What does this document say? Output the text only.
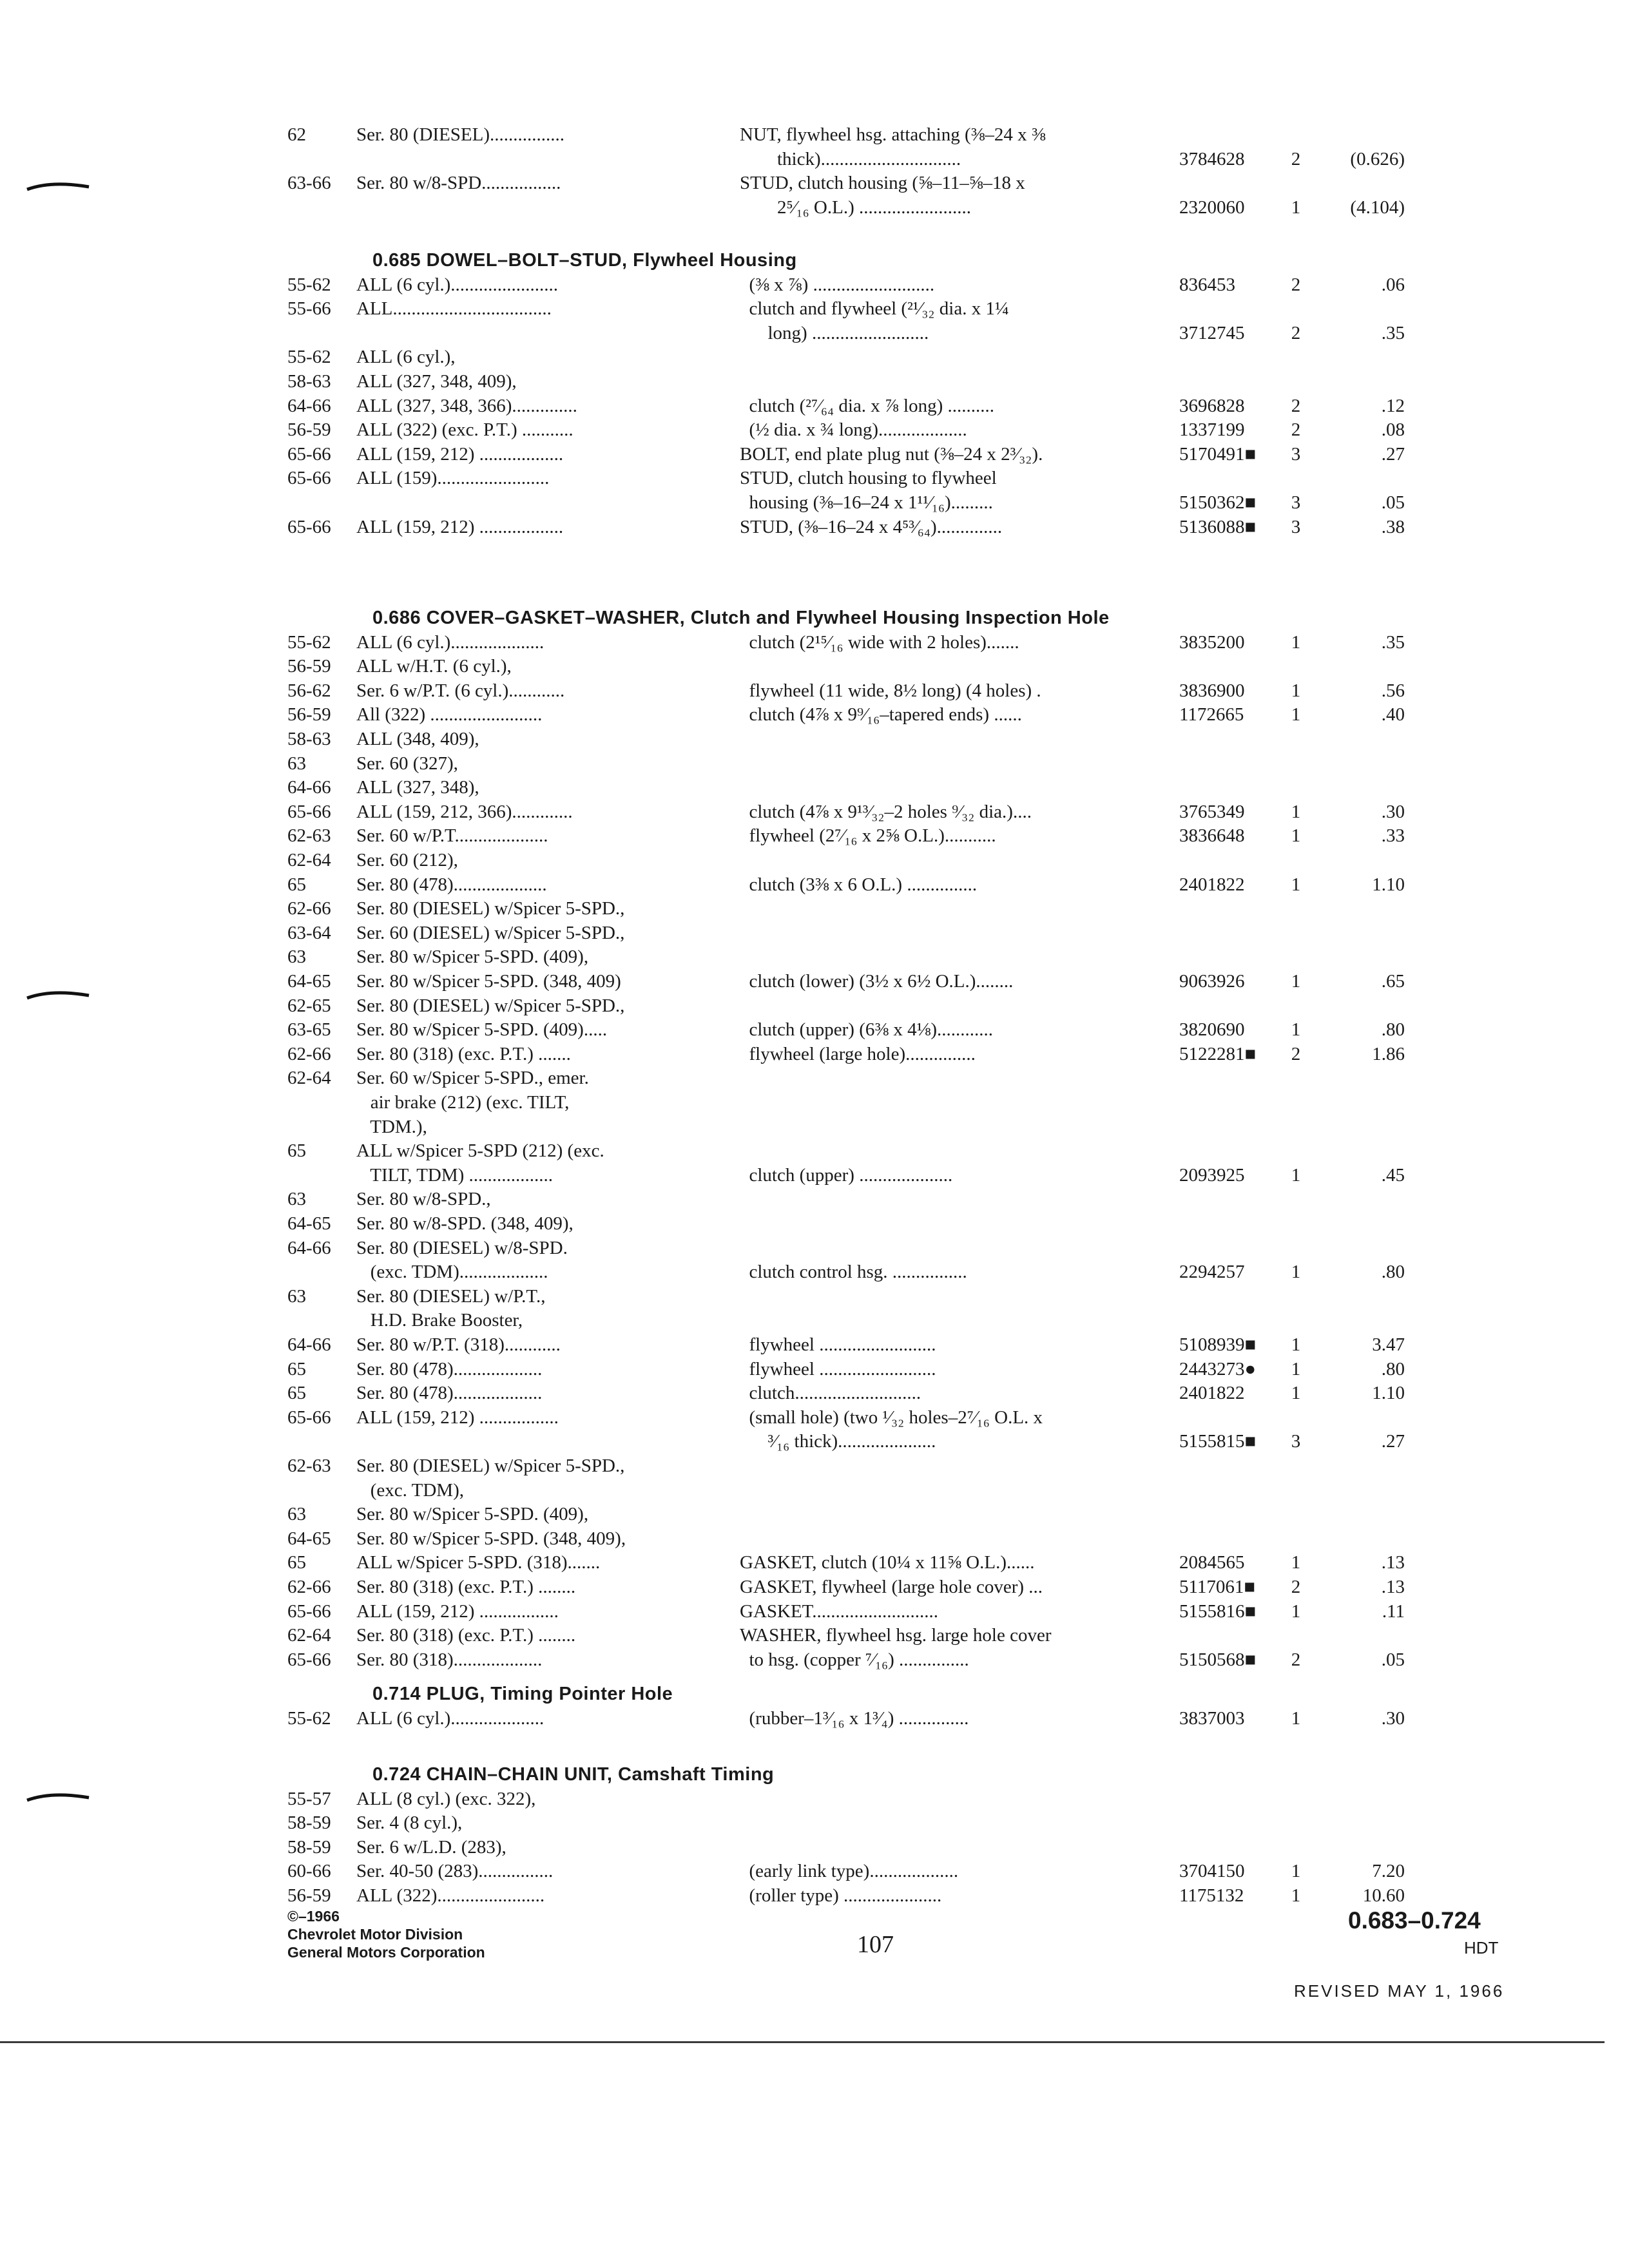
62	Ser. 80 (DIESEL)................	NUT, flywheel hsg. attaching (⅜–24 x ⅜
thick)..............................	3784628	2	(0.626)
63-66 Ser. 80 w/8-SPD.................	STUD, clutch housing (⅝–11–⅝–18 x
2⁵⁄₁₆ O.L.) ........................	2320060	1	(4.104)
0.685 DOWEL–BOLT–STUD, Flywheel Housing
55-62 ALL (6 cyl.).......................	(⅜ x ⅞) ..........................	836453	2	.06
55-66 ALL..................................	clutch and flywheel (²¹⁄₃₂ dia. x 1¼
long) .........................	3712745	2	.35
55-62 ALL (6 cyl.),
58-63 ALL (327, 348, 409),
64-66 ALL (327, 348, 366)..............	clutch (²⁷⁄₆₄ dia. x ⅞ long) ..........	3696828	2	.12
56-59 ALL (322) (exc. P.T.) ...........	(½ dia. x ¾ long)...................	1337199	2	.08
65-66 ALL (159, 212) ..................	BOLT, end plate plug nut (⅜–24 x 2³⁄₃₂).	5170491■	3	.27
65-66 ALL (159)........................	STUD, clutch housing to flywheel
housing (⅜–16–24 x 1¹¹⁄₁₆).........	5150362■	3	.05
65-66 ALL (159, 212) ..................	STUD, (⅜–16–24 x 4⁵³⁄₆₄)..............	5136088■	3	.38
0.686 COVER–GASKET–WASHER, Clutch and Flywheel Housing Inspection Hole
55-62 ALL (6 cyl.)....................	clutch (2¹⁵⁄₁₆ wide with 2 holes).......	3835200	1	.35
56-59 ALL w/H.T. (6 cyl.),
56-62 Ser. 6 w/P.T. (6 cyl.)............	flywheel (11 wide, 8½ long) (4 holes) .	3836900	1	.56
56-59 All (322) ........................	clutch (4⅞ x 9⁹⁄₁₆–tapered ends) ......	1172665	1	.40
58-63 ALL (348, 409),
63	Ser. 60 (327),
64-66 ALL (327, 348),
65-66 ALL (159, 212, 366).............	clutch (4⅞ x 9¹³⁄₃₂–2 holes ⁹⁄₃₂ dia.)....	3765349	1	.30
62-63 Ser. 60 w/P.T....................	flywheel (2⁷⁄₁₆ x 2⅝ O.L.)...........	3836648	1	.33
62-64 Ser. 60 (212),
65	Ser. 80 (478)....................	clutch (3⅜ x 6 O.L.) ...............	2401822	1	1.10
62-66 Ser. 80 (DIESEL) w/Spicer 5-SPD.,
63-64 Ser. 60 (DIESEL) w/Spicer 5-SPD.,
63	Ser. 80 w/Spicer 5-SPD. (409),
64-65 Ser. 80 w/Spicer 5-SPD. (348, 409)	clutch (lower) (3½ x 6½ O.L.)........	9063926	1	.65
62-65 Ser. 80 (DIESEL) w/Spicer 5-SPD.,
63-65 Ser. 80 w/Spicer 5-SPD. (409).....	clutch (upper) (6⅜ x 4⅛)............	3820690	1	.80
62-66 Ser. 80 (318) (exc. P.T.) .......	flywheel (large hole)...............	5122281■	2	1.86
62-64 Ser. 60 w/Spicer 5-SPD., emer.
air brake (212) (exc. TILT,
TDM.),
65	ALL w/Spicer 5-SPD (212) (exc.
TILT, TDM) ..................	clutch (upper) ....................	2093925	1	.45
63	Ser. 80 w/8-SPD.,
64-65 Ser. 80 w/8-SPD. (348, 409),
64-66 Ser. 80 (DIESEL) w/8-SPD.
(exc. TDM)...................	clutch control hsg. ................	2294257	1	.80
63	Ser. 80 (DIESEL) w/P.T.,
H.D. Brake Booster,
64-66 Ser. 80 w/P.T. (318)............	flywheel .........................	5108939■	1	3.47
65	Ser. 80 (478)...................	flywheel .........................	2443273●	1	.80
65	Ser. 80 (478)...................	clutch...........................	2401822	1	1.10
65-66 ALL (159, 212) .................	(small hole) (two ¹⁄₃₂ holes–2⁷⁄₁₆ O.L. x
³⁄₁₆ thick).....................	5155815■	3	.27
62-63 Ser. 80 (DIESEL) w/Spicer 5-SPD.,
(exc. TDM),
63	Ser. 80 w/Spicer 5-SPD. (409),
64-65 Ser. 80 w/Spicer 5-SPD. (348, 409),
65	ALL w/Spicer 5-SPD. (318).......	GASKET, clutch (10¼ x 11⅝ O.L.)......	2084565	1	.13
62-66 Ser. 80 (318) (exc. P.T.) ........	GASKET, flywheel (large hole cover) ...	5117061■	2	.13
65-66 ALL (159, 212) .................	GASKET...........................	5155816■	1	.11
62-64 Ser. 80 (318) (exc. P.T.) ........	WASHER, flywheel hsg. large hole cover
65-66 Ser. 80 (318)...................	to hsg. (copper ⁷⁄₁₆) ...............	5150568■	2	.05
0.714 PLUG, Timing Pointer Hole
55-62 ALL (6 cyl.)....................	(rubber–1³⁄₁₆ x 1³⁄₄) ...............	3837003	1	.30
0.724 CHAIN–CHAIN UNIT, Camshaft Timing
55-57 ALL (8 cyl.) (exc. 322),
58-59 Ser. 4 (8 cyl.),
58-59 Ser. 6 w/L.D. (283),
60-66 Ser. 40-50 (283)................	(early link type)...................	3704150	1	7.20
56-59 ALL (322).......................	(roller type) .....................	1175132	1	10.60
©–1966
Chevrolet Motor Division
General Motors Corporation	107
0.683–0.724
HDT
REVISED MAY 1, 1966
